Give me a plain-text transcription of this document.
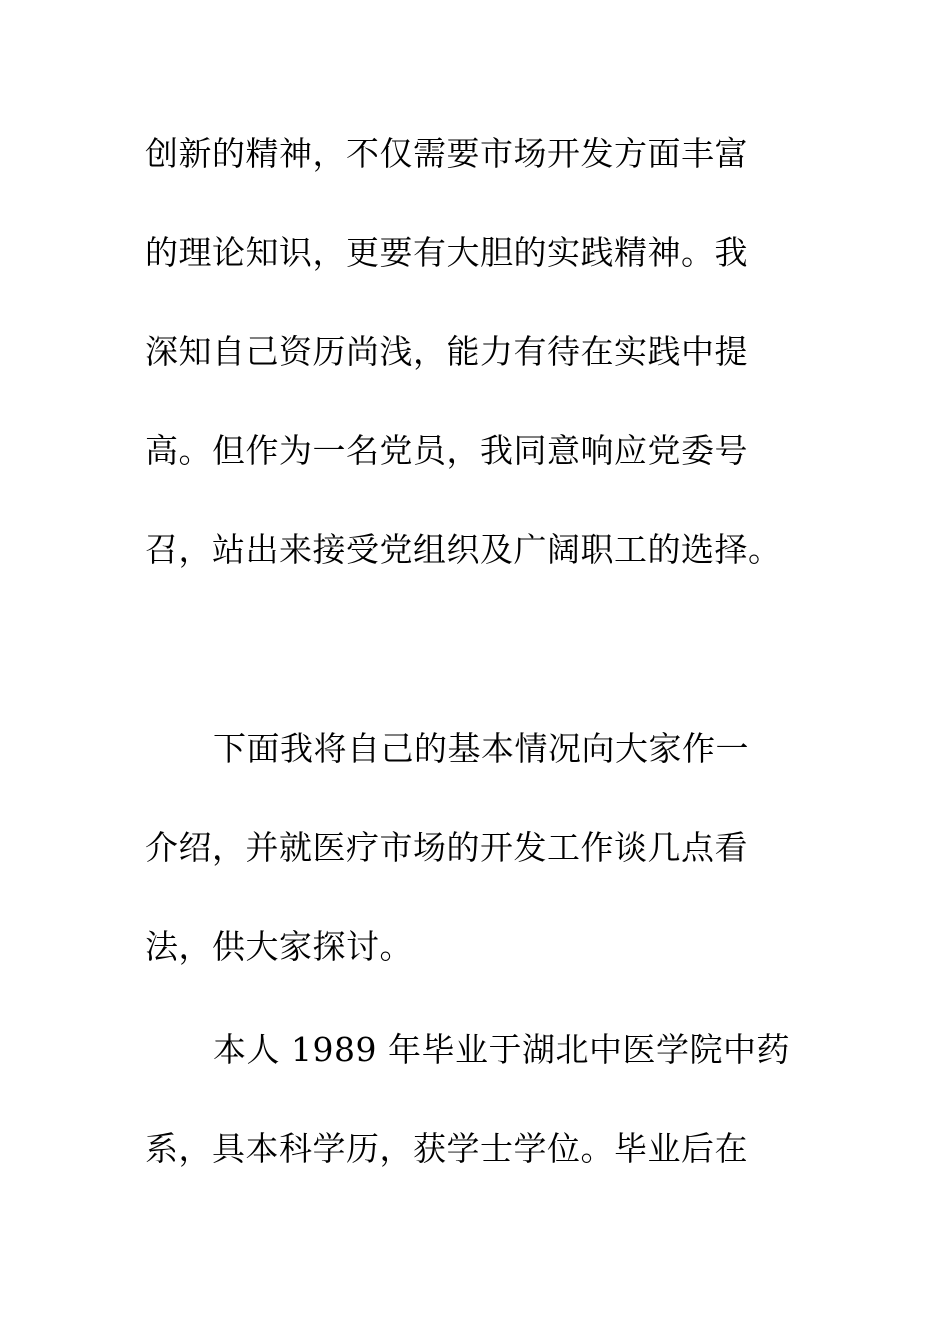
创新的精神，不仅需要市场开发方面丰富
的理论知识，更要有大胆的实践精神。我
深知自己资历尚浅，能力有待在实践中提
高。但作为一名党员，我同意响应党委号
召，站出来接受党组织及广阔职工的选择。
下面我将自己的基本情况向大家作一
介绍，并就医疗市场的开发工作谈几点看
法，供大家探讨。
本人 1989 年毕业于湖北中医学院中药
系，具本科学历，获学士学位。毕业后在
